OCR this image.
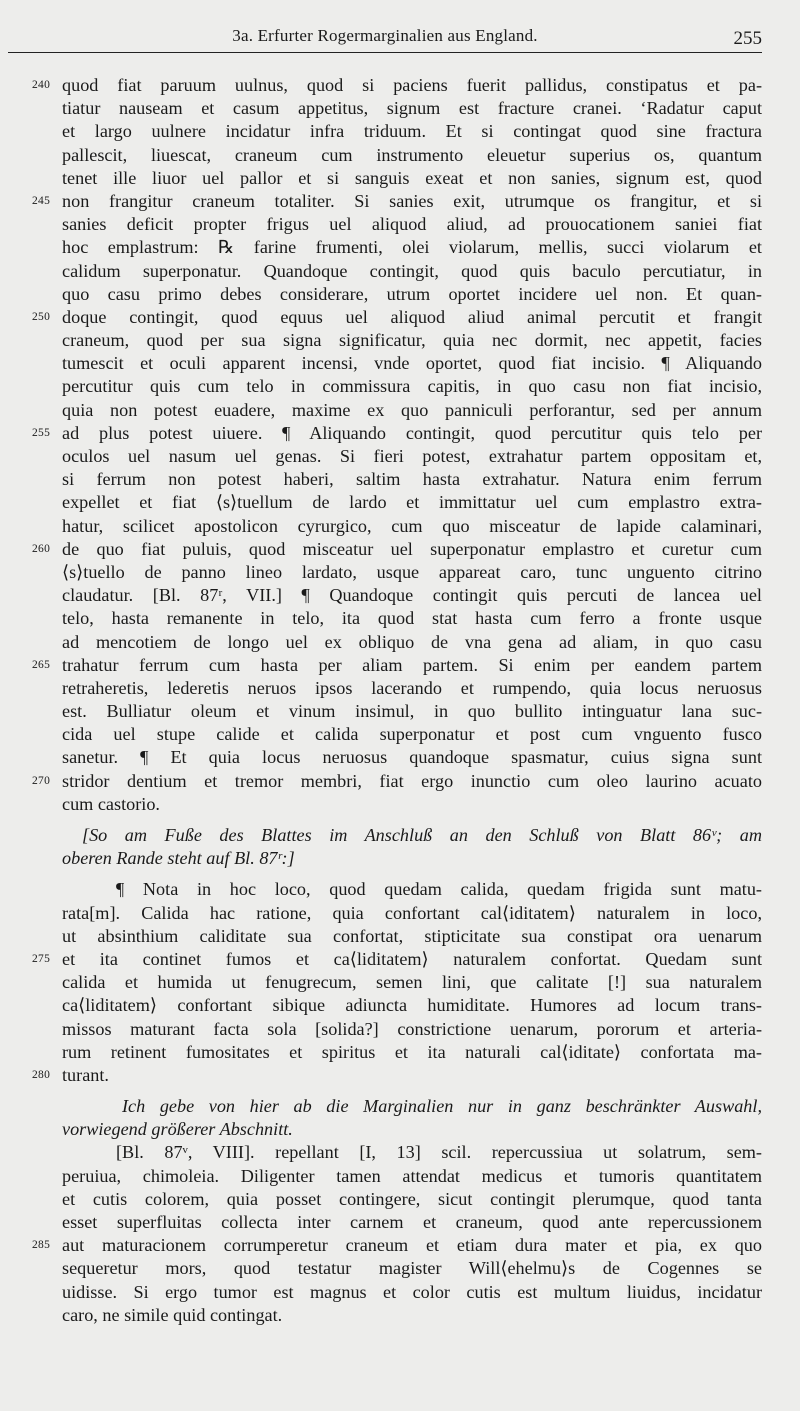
3a. Erfurter Rogermarginalien aus England.	255
240 quod fiat paruum uulnus, quod si paciens fuerit pallidus, constipatus et pa-
tiatur nauseam et casum appetitus, signum est fracture cranei. ‘Radatur caput
et largo uulnere incidatur infra triduum. Et si contingat quod sine fractura
pallescit, liuescat, craneum cum instrumento eleuetur superius os, quantum
tenet ille liuor uel pallor et si sanguis exeat et non sanies, signum est, quod
245 non frangitur craneum totaliter. Si sanies exit, utrumque os frangitur, et si
sanies deficit propter frigus uel aliquod aliud, ad prouocationem saniei fiat
hoc emplastrum: ℞ farine frumenti, olei violarum, mellis, succi violarum et
calidum superponatur. Quandoque contingit, quod quis baculo percutiatur, in
quo casu primo debes considerare, utrum oportet incidere uel non. Et quan-
250 doque contingit, quod equus uel aliquod aliud animal percutit et frangit
craneum, quod per sua signa significatur, quia nec dormit, nec appetit, facies
tumescit et oculi apparent incensi, vnde oportet, quod fiat incisio. ¶ Aliquando
percutitur quis cum telo in commissura capitis, in quo casu non fiat incisio,
quia non potest euadere, maxime ex quo panniculi perforantur, sed per annum
255 ad plus potest uiuere. ¶ Aliquando contingit, quod percutitur quis telo per
oculos uel nasum uel genas. Si fieri potest, extrahatur partem oppositam et,
si ferrum non potest haberi, saltim hasta extrahatur. Natura enim ferrum
expellet et fiat ⟨s⟩tuellum de lardo et immittatur uel cum emplastro extra-
hatur, scilicet apostolicon cyrurgico, cum quo misceatur de lapide calaminari,
260 de quo fiat puluis, quod misceatur uel superponatur emplastro et curetur cum
⟨s⟩tuello de panno lineo lardato, usque appareat caro, tunc unguento citrino
claudatur. [Bl. 87ʳ, VII.] ¶ Quandoque contingit quis percuti de lancea uel
telo, hasta remanente in telo, ita quod stat hasta cum ferro a fronte usque
ad mencotiem de longo uel ex obliquo de vna gena ad aliam, in quo casu
265 trahatur ferrum cum hasta per aliam partem. Si enim per eandem partem
retraheretis, lederetis neruos ipsos lacerando et rumpendo, quia locus neruosus
est. Bulliatur oleum et vinum insimul, in quo bullito intinguatur lana suc-
cida uel stupe calide et calida superponatur et post cum vnguento fusco
sanetur. ¶ Et quia locus neruosus quandoque spasmatur, cuius signa sunt
270 stridor dentium et tremor membri, fiat ergo inunctio cum oleo laurino acuato
cum castorio.
[So am Fuße des Blattes im Anschluß an den Schluß von Blatt 86ᵛ; am
oberen Rande steht auf Bl. 87ʳ:]
¶ Nota in hoc loco, quod quedam calida, quedam frigida sunt matu-
rata[m]. Calida hac ratione, quia confortant cal⟨iditatem⟩ naturalem in loco,
ut absinthium caliditate sua confortat, stipticitate sua constipat ora uenarum
275 et ita continet fumos et ca⟨liditatem⟩ naturalem confortat. Quedam sunt
calida et humida ut fenugrecum, semen lini, que calitate [!] sua naturalem
ca⟨liditatem⟩ confortant sibique adiuncta humiditate. Humores ad locum trans-
missos maturant facta sola [solida?] constrictione uenarum, pororum et arteria-
rum retinent fumositates et spiritus et ita naturali cal⟨iditate⟩ confortata ma-
280 turant.
Ich gebe von hier ab die Marginalien nur in ganz beschränkter Auswahl,
vorwiegend größerer Abschnitt.
[Bl. 87ᵛ, VIII]. repellant [I, 13] scil. repercussiua ut solatrum, sem-
peruiua, chimoleia. Diligenter tamen attendat medicus et tumoris quantitatem
et cutis colorem, quia posset contingere, sicut contingit plerumque, quod tanta
esset superfluitas collecta inter carnem et craneum, quod ante repercussionem
285 aut maturacionem corrumperetur craneum et etiam dura mater et pia, ex quo
sequeretur mors, quod testatur magister Will⟨ehelmu⟩s de Cogennes se
uidisse. Si ergo tumor est magnus et color cutis est multum liuidus, incidatur
caro, ne simile quid contingat.
